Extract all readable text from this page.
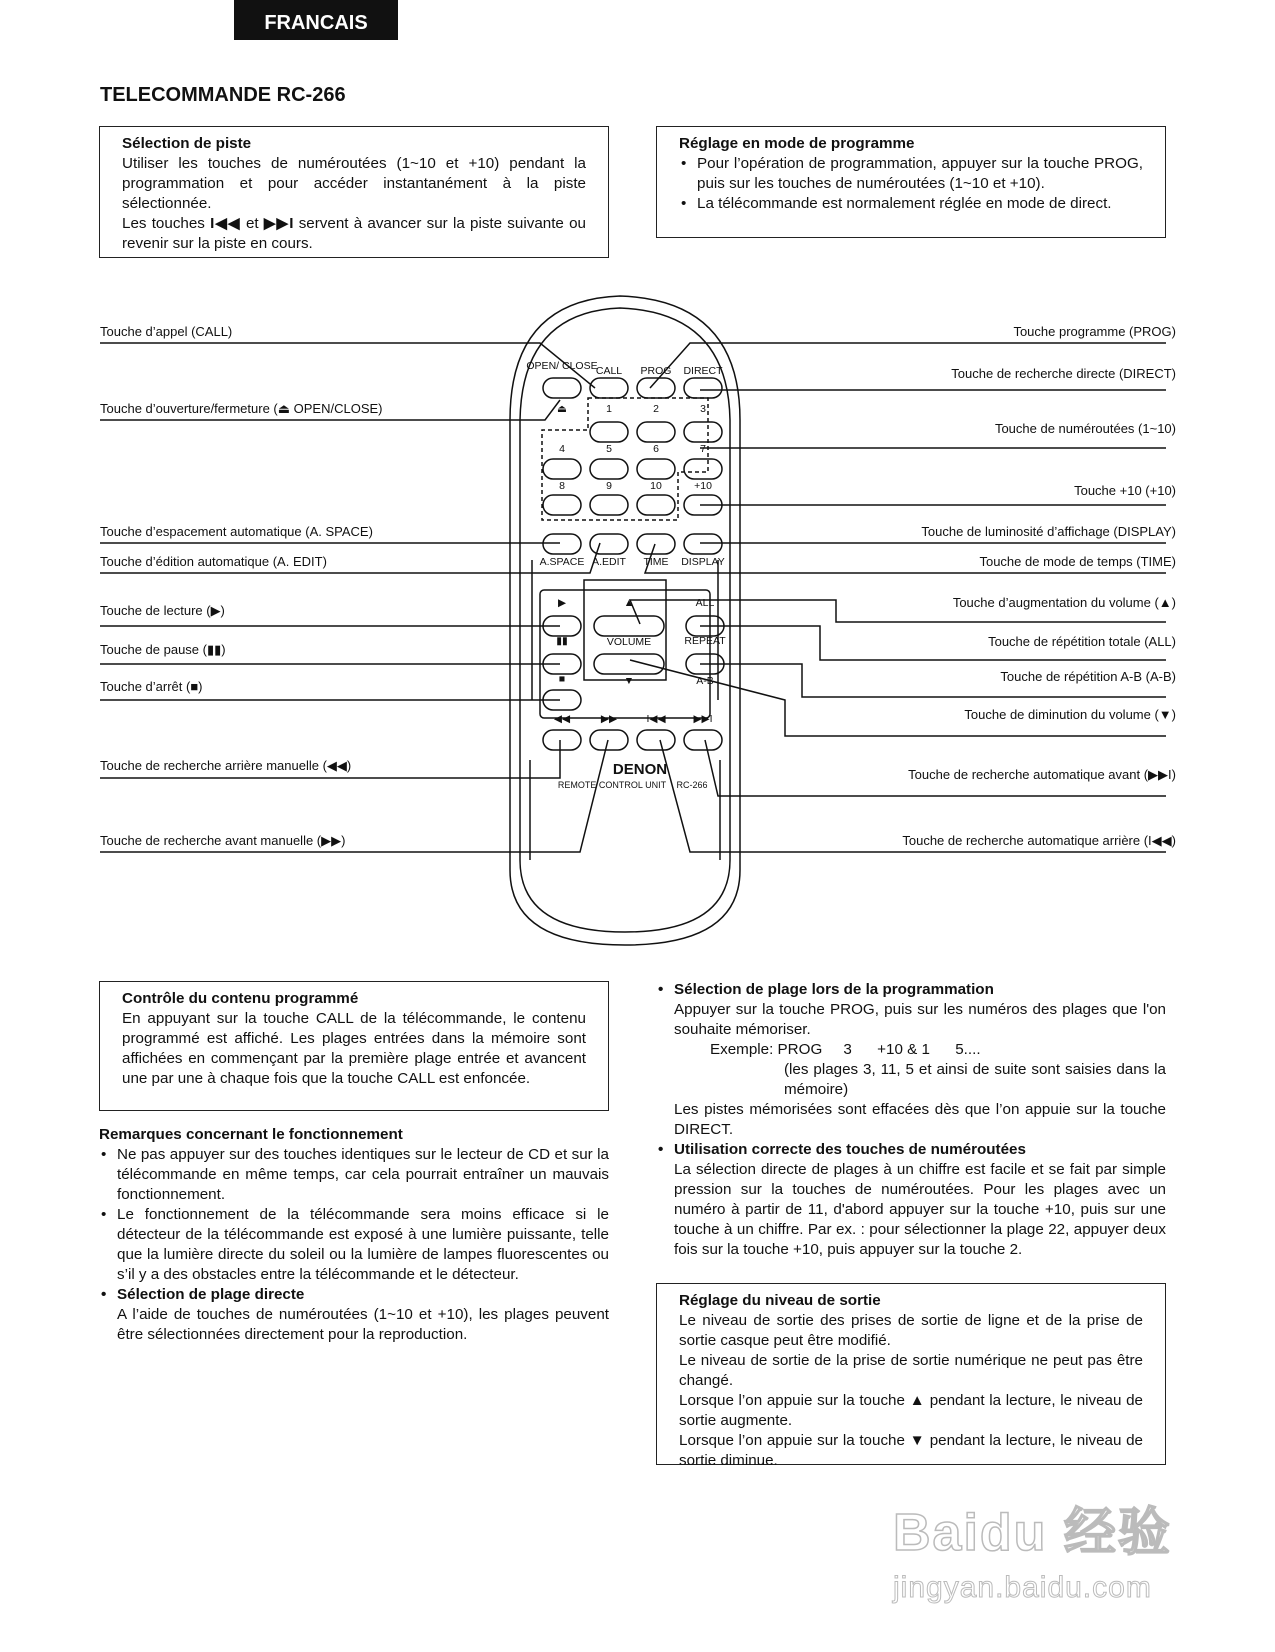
FRANCAIS
TELECOMMANDE RC-266
Sélection de piste

Utiliser les touches de numéroutées (1~10 et +10) pendant la programmation et pour accéder instantanément à la piste sélectionnée.

Les touches I◀◀ et ▶▶I servent à avancer sur la piste suivante ou revenir sur la piste en cours.

Réglage en mode de programme
• Pour l’opération de programmation, appuyer sur la touche PROG, puis sur les touches de numéroutées (1~10 et +10).
• La télécommande est normalement réglée en mode de direct.
OPEN/ CLOSE
CALL PROG DIRECT
⏏	1	2	3
4	5	6	7
8	9	10	+10
A.SPACE A.EDIT TIME DISPLAY
▶
▮▮
■
▲
VOLUME
▼
ALL
REPEAT
A-B
◀◀	▶▶	I◀◀	▶▶I
DENON
REMOTE CONTROL UNIT RC-266
Touche d’appel (CALL)
Touche d’ouverture/fermeture (⏏ OPEN/CLOSE)
Touche d’espacement automatique (A. SPACE)
Touche d’édition automatique (A. EDIT)
Touche de lecture (▶)
Touche de pause (▮▮)
Touche d’arrêt (■)
Touche de recherche arrière manuelle (◀◀)
Touche de recherche avant manuelle (▶▶)
Touche programme (PROG)
Touche de recherche directe (DIRECT)
Touche de numéroutées (1~10)
Touche +10 (+10)
Touche de luminosité d’affichage (DISPLAY)
Touche de mode de temps (TIME)
Touche d’augmentation du volume (▲)
Touche de répétition totale (ALL)
Touche de répétition A-B (A-B)
Touche de diminution du volume (▼)
Touche de recherche automatique avant (▶▶I)
Touche de recherche automatique arrière (I◀◀)
Contrôle du contenu programmé

En appuyant sur la touche CALL de la télécommande, le contenu programmé est affiché. Les plages entrées dans la mémoire sont affichées en commençant par la première plage entrée et avancent une par une à chaque fois que la touche CALL est enfoncée.

Remarques concernant le fonctionnement
• Ne pas appuyer sur des touches identiques sur le lecteur de CD et sur la télécommande en même temps, car cela pourrait entraîner un mauvais fonctionnement.
• Le fonctionnement de la télécommande sera moins efficace si le détecteur de la télécommande est exposé à une lumière puissante, telle que la lumière directe du soleil ou la lumière de lampes fluorescentes ou s’il y a des obstacles entre la télécommande et le détecteur.
• Sélection de plage directe

A l’aide de touches de numéroutées (1~10 et +10), les plages peuvent être sélectionnées directement pour la reproduction.

• Sélection de plage lors de la programmation

Appuyer sur la touche PROG, puis sur les numéros des plages que l'on souhaite mémoriser.

Exemple: PROG     3      +10 & 1      5....
(les plages 3, 11, 5 et ainsi de suite sont saisies dans la mémoire)

Les pistes mémorisées sont effacées dès que l’on appuie sur la touche DIRECT.

• Utilisation correcte des touches de numéroutées

La sélection directe de plages à un chiffre est facile et se fait par simple pression sur la touches de numéroutées. Pour les plages avec un numéro à partir de 11, d'abord appuyer sur la touche +10, puis sur une touche à un chiffre. Par ex. : pour sélectionner la plage 22, appuyer deux fois sur la touche +10, puis appuyer sur la touche 2.

Réglage du niveau de sortie

Le niveau de sortie des prises de sortie de ligne et de la prise de sortie casque peut être modifié.

Le niveau de sortie de la prise de sortie numérique ne peut pas être changé.

Lorsque l’on appuie sur la touche ▲ pendant la lecture, le niveau de sortie augmente.

Lorsque l’on appuie sur la touche ▼ pendant la lecture, le niveau de sortie diminue.

Baidu 经验
jingyan.baidu.com
